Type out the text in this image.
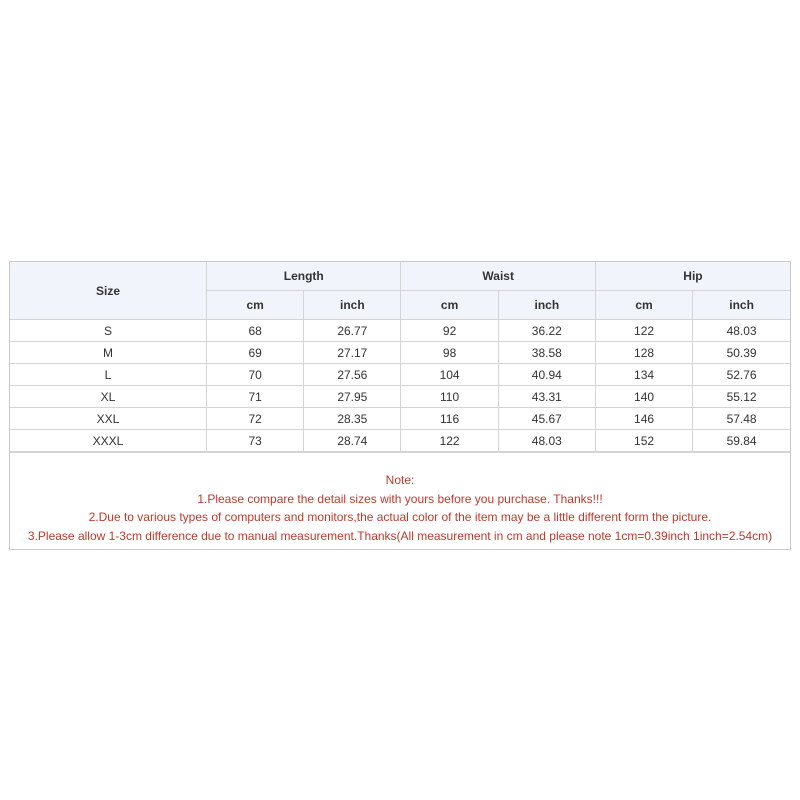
Size	Length		Waist		Hip	
	cm	inch	cm	inch	cm	inch
S	68	26.77	92	36.22	122	48.03
M	69	27.17	98	38.58	128	50.39
L	70	27.56	104	40.94	134	52.76
XL	71	27.95	110	43.31	140	55.12
XXL	72	28.35	116	45.67	146	57.48
XXXL	73	28.74	122	48.03	152	59.84
Note:
1.Please compare the detail sizes with yours before you purchase. Thanks!!!
2.Due to various types of computers and monitors,the actual color of the item may be a little different form the picture.
3.Please allow 1-3cm difference due to manual measurement.Thanks(All measurement in cm and please note 1cm=0.39inch 1inch=2.54cm)
